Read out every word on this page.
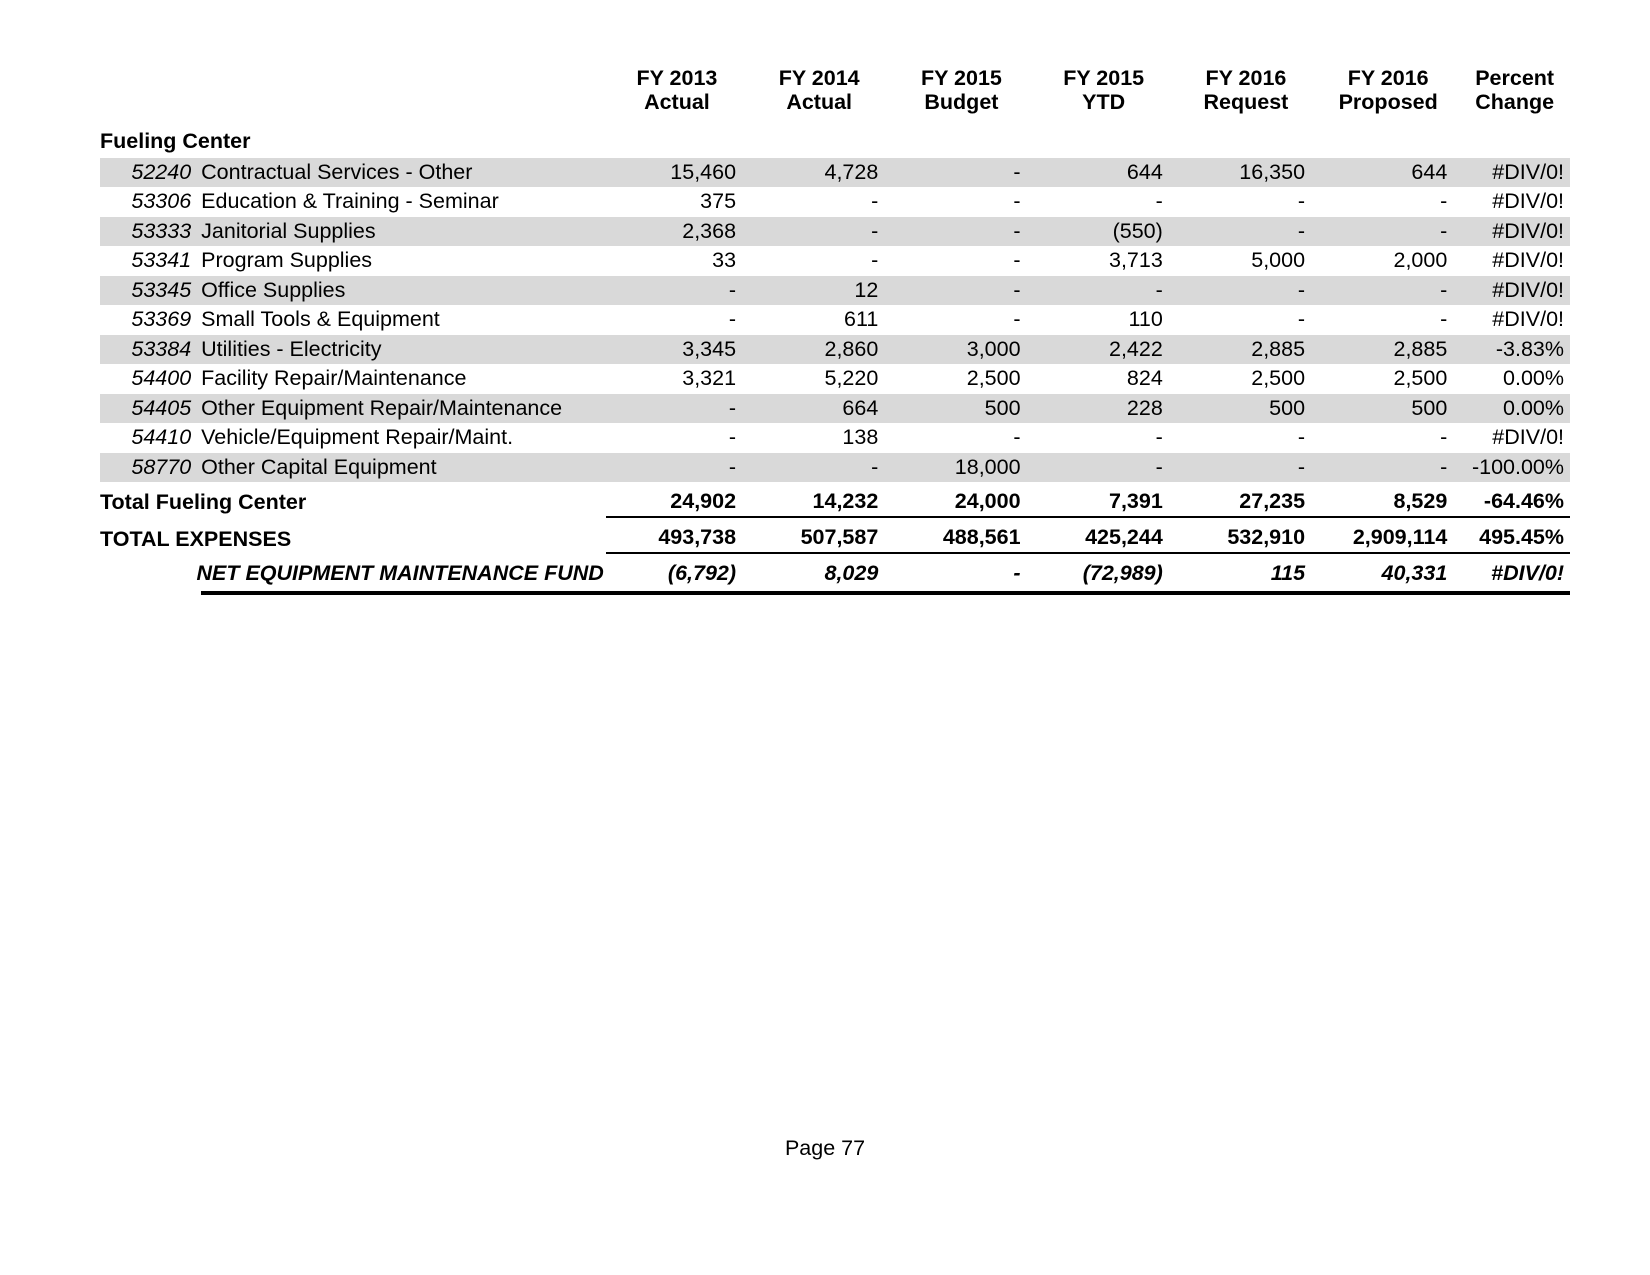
		FY 2013	FY 2014	FY 2015	FY 2015	FY 2016	FY 2016	Percent
		Actual	Actual	Budget	YTD	Request	Proposed	Change
Fueling Center								
52240	Contractual Services - Other	15,460	4,728	-	644	16,350	644	#DIV/0!
53306	Education & Training - Seminar	375	-	-	-	-	-	#DIV/0!
53333	Janitorial Supplies	2,368	-	-	(550)	-	-	#DIV/0!
53341	Program Supplies	33	-	-	3,713	5,000	2,000	#DIV/0!
53345	Office Supplies	-	12	-	-	-	-	#DIV/0!
53369	Small Tools & Equipment	-	611	-	110	-	-	#DIV/0!
53384	Utilities - Electricity	3,345	2,860	3,000	2,422	2,885	2,885	-3.83%
54400	Facility Repair/Maintenance	3,321	5,220	2,500	824	2,500	2,500	0.00%
54405	Other Equipment Repair/Maintenance	-	664	500	228	500	500	0.00%
54410	Vehicle/Equipment Repair/Maint.	-	138	-	-	-	-	#DIV/0!
58770	Other Capital Equipment	-	-	18,000	-	-	-	-100.00%
Total Fueling Center		24,902	14,232	24,000	7,391	27,235	8,529	-64.46%
TOTAL EXPENSES		493,738	507,587	488,561	425,244	532,910	2,909,114	495.45%
NET EQUIPMENT MAINTENANCE FUND		(6,792)	8,029	-	(72,989)	115	40,331	#DIV/0!

Page 77
